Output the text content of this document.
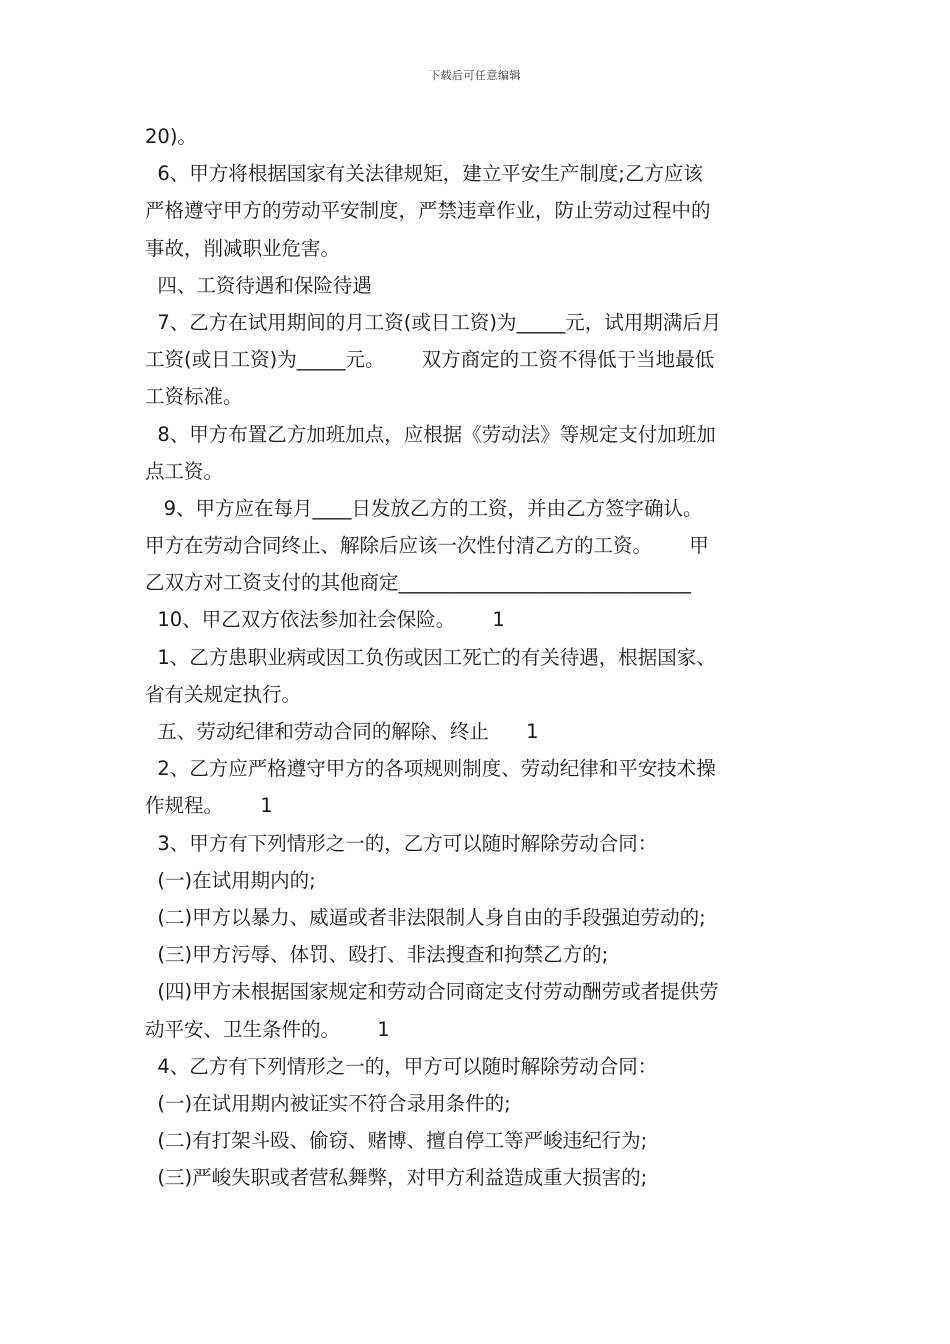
下载后可任意编辑
20)。
6、甲方将根据国家有关法律规矩，建立平安生产制度;乙方应该
严格遵守甲方的劳动平安制度，严禁违章作业，防止劳动过程中的
事故，削减职业危害。
四、工资待遇和保险待遇
7、乙方在试用期间的月工资(或日工资)为_____元，试用期满后月
工资(或日工资)为_____元。      双方商定的工资不得低于当地最低
工资标准。
8、甲方布置乙方加班加点，应根据《劳动法》等规定支付加班加
点工资。
9、甲方应在每月____日发放乙方的工资，并由乙方签字确认。
甲方在劳动合同终止、解除后应该一次性付清乙方的工资。      甲
乙双方对工资支付的其他商定______________________________
10、甲乙双方依法参加社会保险。      1
1、乙方患职业病或因工负伤或因工死亡的有关待遇，根据国家、
省有关规定执行。
五、劳动纪律和劳动合同的解除、终止      1
2、乙方应严格遵守甲方的各项规则制度、劳动纪律和平安技术操
作规程。      1
3、甲方有下列情形之一的，乙方可以随时解除劳动合同：
(一)在试用期内的;
(二)甲方以暴力、威逼或者非法限制人身自由的手段强迫劳动的;
(三)甲方污辱、体罚、殴打、非法搜查和拘禁乙方的;
(四)甲方未根据国家规定和劳动合同商定支付劳动酬劳或者提供劳
动平安、卫生条件的。      1
4、乙方有下列情形之一的，甲方可以随时解除劳动合同：
(一)在试用期内被证实不符合录用条件的;
(二)有打架斗殴、偷窃、赌博、擅自停工等严峻违纪行为;
(三)严峻失职或者营私舞弊，对甲方利益造成重大损害的;
